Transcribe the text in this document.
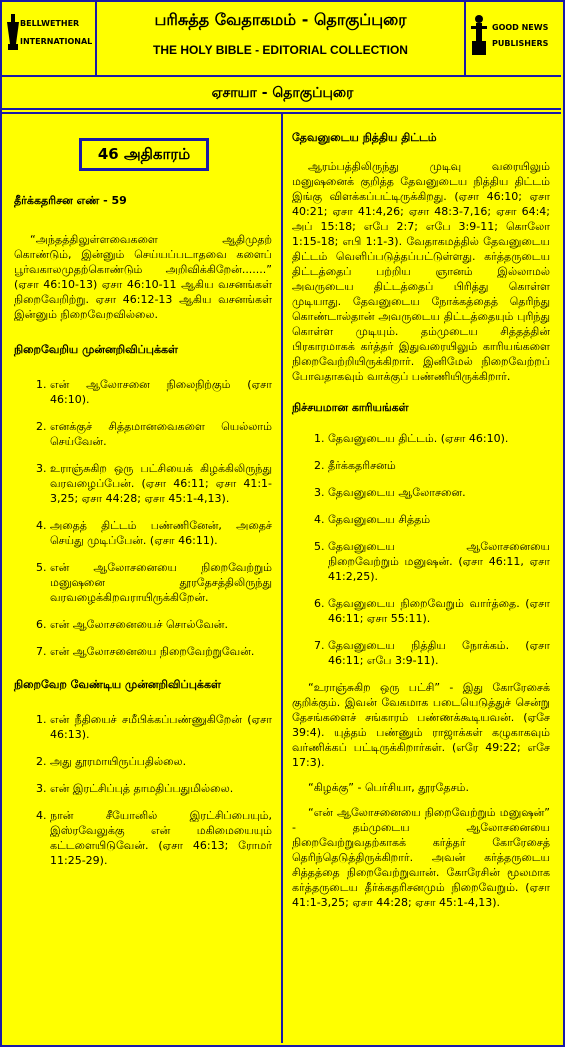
BELLWETHER
INTERNATIONAL
பரிசுத்த வேதாகமம் - தொகுப்புரை
THE HOLY BIBLE - EDITORIAL COLLECTION
GOOD NEWS
PUBLISHERS
ஏசாயா - தொகுப்புரை
46 அதிகாரம்
தீர்க்கதரிசன எண் - 59
“அந்தத்திலுள்ளவைகளை ஆதிமுதற் கொண்டும், இன்னும் செய்யப்படாதவை களைப் பூர்வகாலமுதற்கொண்டும் அறிவிக்கிறேன்.......” (ஏசா 46:10-13) ஏசா 46:10-11 ஆகிய வசனங்கள் நிறைவேறிற்று. ஏசா 46:12-13 ஆகிய வசனங்கள் இன்னும் நிறைவேறவில்லை.
நிறைவேறிய முன்னறிவிப்புக்கள்
1. என் ஆலோசனை நிலைநிற்கும் (ஏசா 46:10).
2. எனக்குச் சித்தமானவைகளை யெல்லாம் செய்வேன்.
3. உராஞ்சுகிற ஒரு பட்சியைக் கிழக்கிலிருந்து வரவழைப்பேன். (ஏசா 46:11; ஏசா 41:1-3,25; ஏசா 44:28; ஏசா 45:1-4,13).
4. அதைத் திட்டம் பண்ணினேன், அதைச் செய்து முடிப்பேன். (ஏசா 46:11).
5. என் ஆலோசனையை நிறைவேற்றும் மனுஷனை தூரதேசத்திலிருந்து வரவழைக்கிறவராயிருக்கிறேன்.
6. என் ஆலோசனையைச் சொல்வேன்.
7. என் ஆலோசனையை நிறைவேற்றுவேன்.
நிறைவேற வேண்டிய முன்னறிவிப்புக்கள்
1. என் நீதியைச் சமீபிக்கப்பண்ணுகிறேன் (ஏசா 46:13).
2. அது தூரமாயிருப்பதில்லை.
3. என் இரட்சிப்புத் தாமதிப்பதுமில்லை.
4. நான் சீயோனில் இரட்சிப்பையும், இஸ்ரவேலுக்கு என் மகிமையையும் கட்டளையிடுவேன். (ஏசா 46:13; ரோமர் 11:25-29).
தேவனுடைய நித்திய திட்டம்
ஆரம்பத்திலிருந்து முடிவு வரையிலும் மனுஷனைக் குறித்த தேவனுடைய நித்திய திட்டம் இங்கு விளக்கப்பட்டிருக்கிறது. (ஏசா 46:10; ஏசா 40:21; ஏசா 41:4,26; ஏசா 48:3-7,16; ஏசா 64:4; அப் 15:18; எபே 2:7; எபே 3:9-11; கொலோ 1:15-18; எபி 1:1-3). வேதாகமத்தில் தேவனுடைய திட்டம் வெளிப்படுத்தப்பட்டுள்ளது. கர்த்தருடைய திட்டத்தைப் பற்றிய ஞானம் இல்லாமல் அவருடைய திட்டத்தைப் பிரித்து கொள்ள முடியாது. தேவனுடைய நோக்கத்தைத் தெரிந்து கொண்டால்தான் அவருடைய திட்டத்தையும் புரிந்து கொள்ள முடியும். தம்முடைய சித்தத்தின் பிரகாரமாகக் கர்த்தர் இதுவரையிலும் காரியங்களை நிறைவேற்றியிருக்கிறார். இனிமேல் நிறைவேற்றப் போவதாகவும் வாக்குப் பண்ணியிருக்கிறார்.
நிச்சயமான காரியங்கள்
1. தேவனுடைய திட்டம். (ஏசா 46:10).
2. தீர்க்கதரிசனம்
3. தேவனுடைய ஆலோசனை.
4. தேவனுடைய சித்தம்
5. தேவனுடைய ஆலோசனையை நிறைவேற்றும் மனுஷன். (ஏசா 46:11, ஏசா 41:2,25).
6. தேவனுடைய நிறைவேறும் வார்த்தை. (ஏசா 46:11; ஏசா 55:11).
7. தேவனுடைய நித்திய நோக்கம். (ஏசா 46:11; எபே 3:9-11).
“உராஞ்சுகிற ஒரு பட்சி” - இது கோரேசைக் குறிக்கும். இவன் வேகமாக படையெடுத்துச் சென்று தேசங்களைச் சங்காரம் பண்ணக்கூடியவன். (ஏசே 39:4). யுத்தம் பண்ணும் ராஜாக்கள் கழுகாகவும் வர்ணிக்கப் பட்டிருக்கிறார்கள். (எரே 49:22; எசே 17:3).
“கிழக்கு” - பெர்சியா, தூரதேசம்.
“என் ஆலோசனையை நிறைவேற்றும் மனுஷன்” - தம்முடைய ஆலோசனையை நிறைவேற்றுவதற்காகக் கர்த்தர் கோரேசைத் தெரிந்தெடுத்திருக்கிறார். அவன் கர்த்தருடைய சித்தத்தை நிறைவேற்றுவான். கோரேசின் மூலமாக கர்த்தருடைய தீர்க்கதரிசனமும் நிறைவேறும். (ஏசா 41:1-3,25; ஏசா 44:28; ஏசா 45:1-4,13).
